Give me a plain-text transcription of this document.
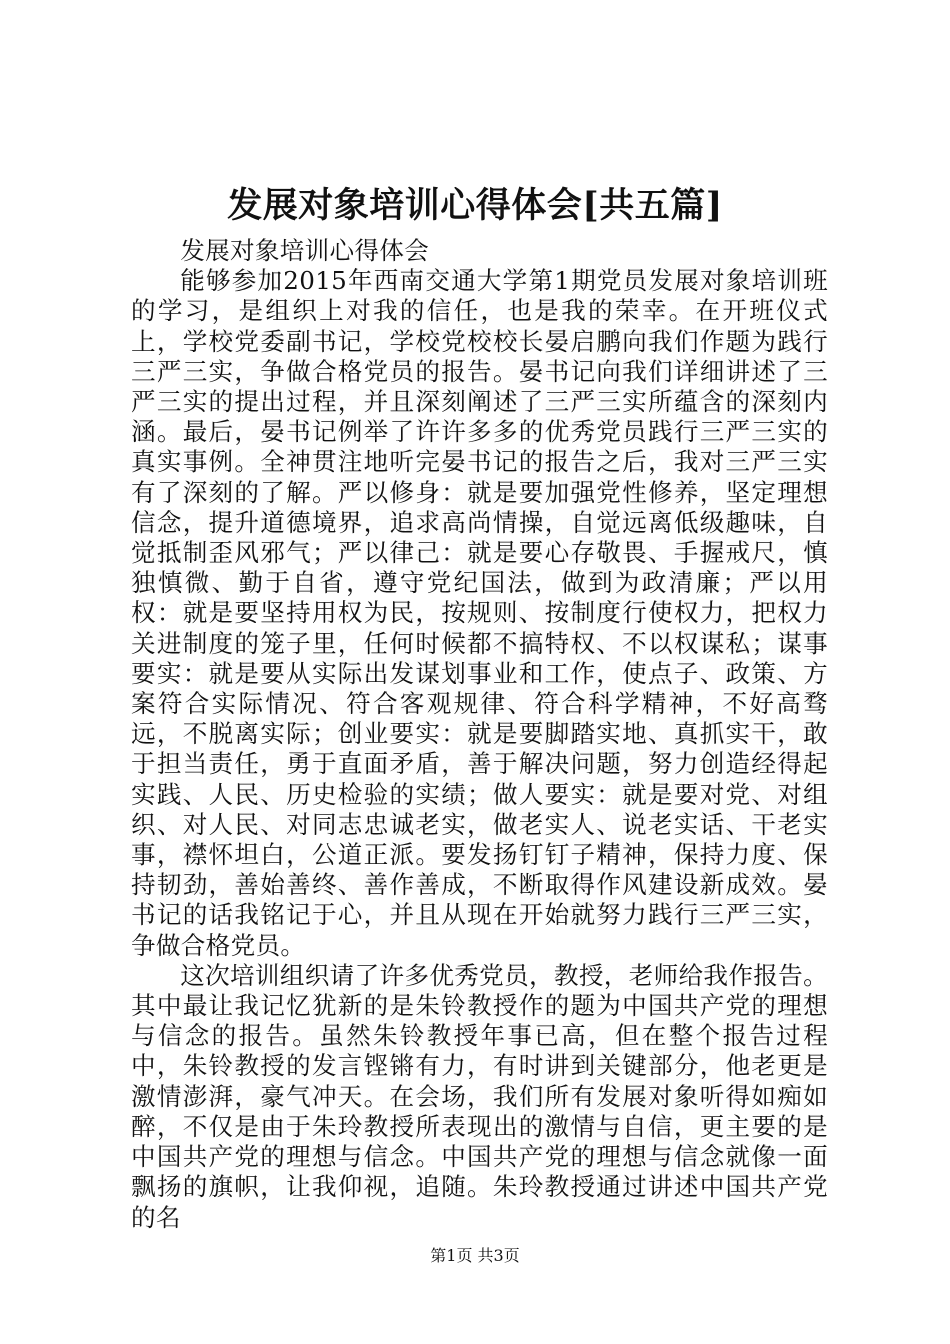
发展对象培训心得体会[共五篇]
发展对象培训心得体会

能够参加2015年西南交通大学第1期党员发展对象培训班的学习，是组织上对我的信任，也是我的荣幸。在开班仪式上，学校党委副书记，学校党校校长晏启鹏向我们作题为践行三严三实，争做合格党员的报告。晏书记向我们详细讲述了三严三实的提出过程，并且深刻阐述了三严三实所蕴含的深刻内涵。最后，晏书记例举了许许多多的优秀党员践行三严三实的真实事例。全神贯注地听完晏书记的报告之后，我对三严三实有了深刻的了解。严以修身：就是要加强党性修养，坚定理想信念，提升道德境界，追求高尚情操，自觉远离低级趣味，自觉抵制歪风邪气；严以律己：就是要心存敬畏、手握戒尺，慎独慎微、勤于自省，遵守党纪国法，做到为政清廉；严以用权：就是要坚持用权为民，按规则、按制度行使权力，把权力关进制度的笼子里，任何时候都不搞特权、不以权谋私；谋事要实：就是要从实际出发谋划事业和工作，使点子、政策、方案符合实际情况、符合客观规律、符合科学精神，不好高骛远，不脱离实际；创业要实：就是要脚踏实地、真抓实干，敢于担当责任，勇于直面矛盾，善于解决问题，努力创造经得起实践、人民、历史检验的实绩；做人要实：就是要对党、对组织、对人民、对同志忠诚老实，做老实人、说老实话、干老实事，襟怀坦白，公道正派。要发扬钉钉子精神，保持力度、保持韧劲，善始善终、善作善成，不断取得作风建设新成效。晏书记的话我铭记于心，并且从现在开始就努力践行三严三实，争做合格党员。

这次培训组织请了许多优秀党员，教授，老师给我作报告。其中最让我记忆犹新的是朱铃教授作的题为中国共产党的理想与信念的报告。虽然朱铃教授年事已高，但在整个报告过程中，朱铃教授的发言铿锵有力，有时讲到关键部分，他老更是激情澎湃，豪气冲天。在会场，我们所有发展对象听得如痴如醉，不仅是由于朱玲教授所表现出的激情与自信，更主要的是中国共产党的理想与信念。中国共产党的理想与信念就像一面飘扬的旗帜，让我仰视，追随。朱玲教授通过讲述中国共产党的名

第1页 共3页
